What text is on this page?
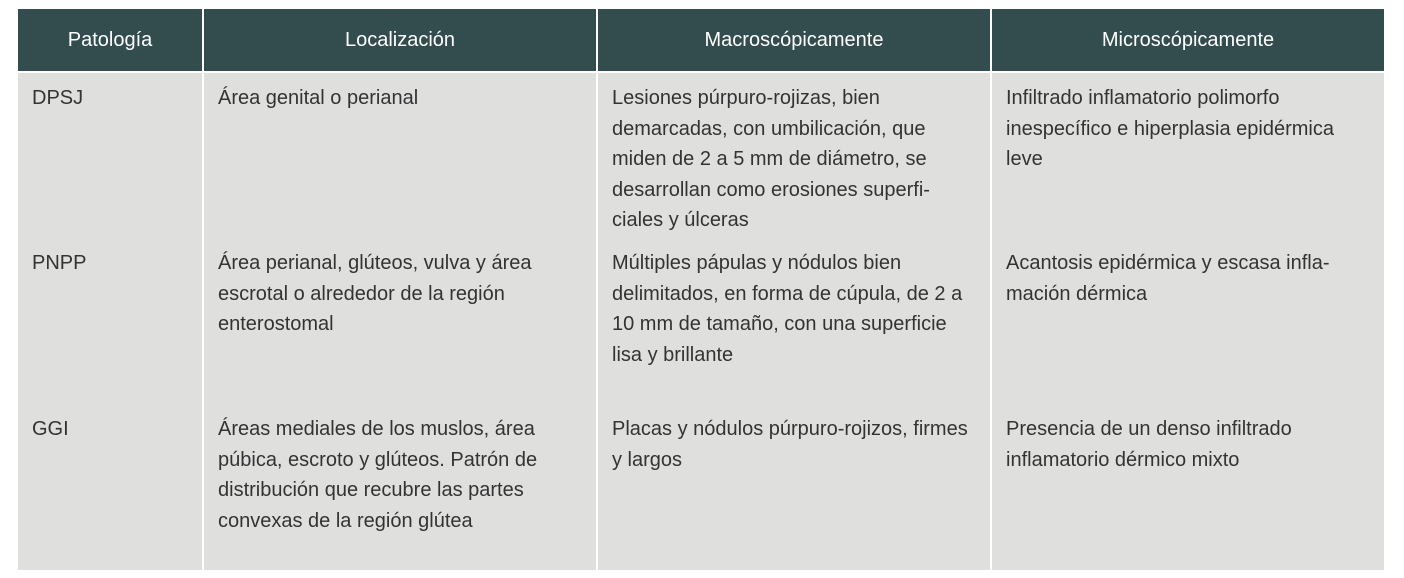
Patología	Localización	Macroscópicamente	Microscópicamente
DPSJ	Área genital o perianal	Lesiones púrpuro-rojizas, bien demarcadas, con umbilicación, que miden de 2 a 5 mm de diámetro, se desarrollan como erosiones superfi-ciales y úlceras	Infiltrado inflamatorio polimorfo inespecífico e hiperplasia epidérmica leve
PNPP	Área perianal, glúteos, vulva y área escrotal o alrededor de la región enterostomal	Múltiples pápulas y nódulos bien delimitados, en forma de cúpula, de 2 a 10 mm de tamaño, con una superficie lisa y brillante	Acantosis epidérmica y escasa infla-mación dérmica
GGI	Áreas mediales de los muslos, área púbica, escroto y glúteos. Patrón de distribución que recubre las partes convexas de la región glútea	Placas y nódulos púrpuro-rojizos, firmes y largos	Presencia de un denso infiltrado inflamatorio dérmico mixto
